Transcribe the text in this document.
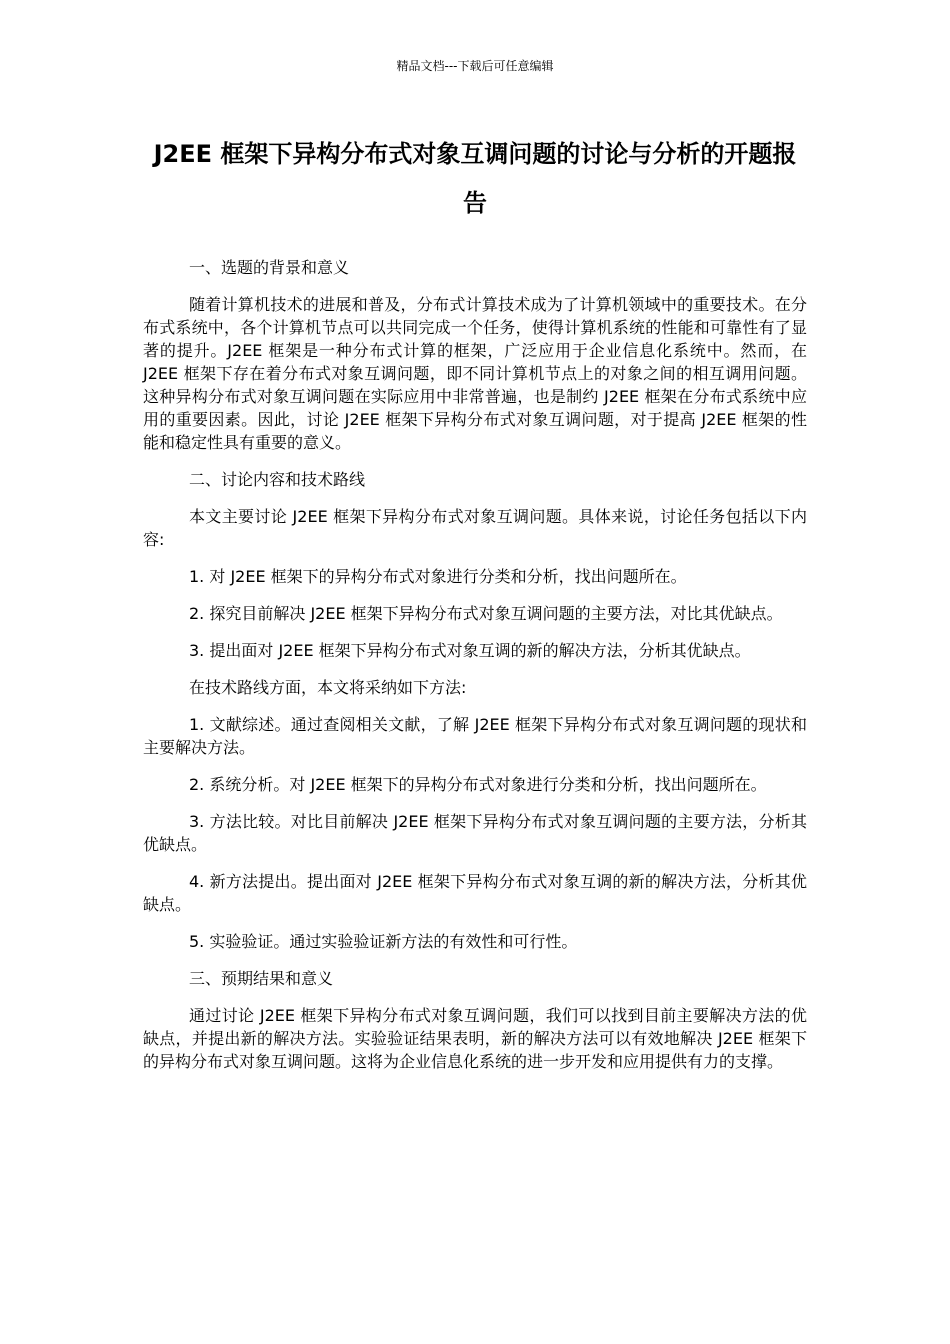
精品文档---下载后可任意编辑
J2EE 框架下异构分布式对象互调问题的讨论与分析的开题报告

一、选题的背景和意义

随着计算机技术的进展和普及，分布式计算技术成为了计算机领域中的重要技术。在分布式系统中，各个计算机节点可以共同完成一个任务，使得计算机系统的性能和可靠性有了显著的提升。J2EE 框架是一种分布式计算的框架，广泛应用于企业信息化系统中。然而，在 J2EE 框架下存在着分布式对象互调问题，即不同计算机节点上的对象之间的相互调用问题。这种异构分布式对象互调问题在实际应用中非常普遍，也是制约 J2EE 框架在分布式系统中应用的重要因素。因此，讨论 J2EE 框架下异构分布式对象互调问题，对于提高 J2EE 框架的性能和稳定性具有重要的意义。

二、讨论内容和技术路线

本文主要讨论 J2EE 框架下异构分布式对象互调问题。具体来说，讨论任务包括以下内容:

1. 对 J2EE 框架下的异构分布式对象进行分类和分析，找出问题所在。

2. 探究目前解决 J2EE 框架下异构分布式对象互调问题的主要方法，对比其优缺点。

3. 提出面对 J2EE 框架下异构分布式对象互调的新的解决方法，分析其优缺点。

在技术路线方面，本文将采纳如下方法:

1. 文献综述。通过查阅相关文献，了解 J2EE 框架下异构分布式对象互调问题的现状和主要解决方法。

2. 系统分析。对 J2EE 框架下的异构分布式对象进行分类和分析，找出问题所在。

3. 方法比较。对比目前解决 J2EE 框架下异构分布式对象互调问题的主要方法，分析其优缺点。

4. 新方法提出。提出面对 J2EE 框架下异构分布式对象互调的新的解决方法，分析其优缺点。

5. 实验验证。通过实验验证新方法的有效性和可行性。

三、预期结果和意义

通过讨论 J2EE 框架下异构分布式对象互调问题，我们可以找到目前主要解决方法的优缺点，并提出新的解决方法。实验验证结果表明，新的解决方法可以有效地解决 J2EE 框架下的异构分布式对象互调问题。这将为企业信息化系统的进一步开发和应用提供有力的支撑。
